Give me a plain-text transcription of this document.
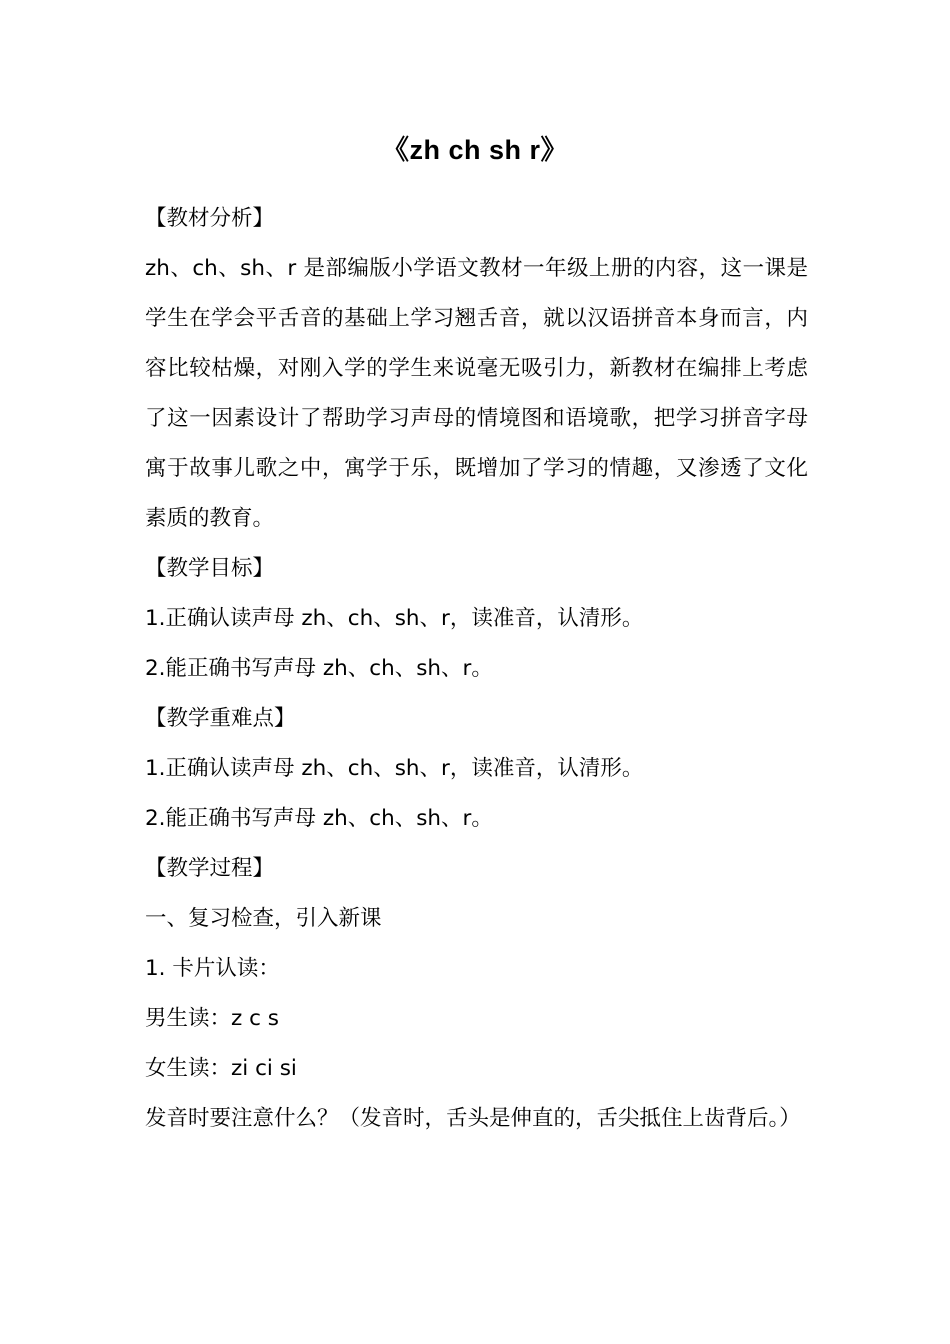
《zh ch sh r》

【教材分析】

zh、ch、sh、r 是部编版小学语文教材一年级上册的内容，这一课是学生在学会平舌音的基础上学习翘舌音，就以汉语拼音本身而言，内容比较枯燥，对刚入学的学生来说毫无吸引力，新教材在编排上考虑了这一因素设计了帮助学习声母的情境图和语境歌，把学习拼音字母寓于故事儿歌之中，寓学于乐，既增加了学习的情趣，又渗透了文化素质的教育。

【教学目标】

1.正确认读声母 zh、ch、sh、r，读准音，认清形。

2.能正确书写声母 zh、ch、sh、r。

【教学重难点】

1.正确认读声母 zh、ch、sh、r，读准音，认清形。

2.能正确书写声母 zh、ch、sh、r。

【教学过程】

一、复习检查，引入新课

1. 卡片认读：

男生读：z c s

女生读：zi ci si

发音时要注意什么？（发音时，舌头是伸直的，舌尖抵住上齿背后。）
